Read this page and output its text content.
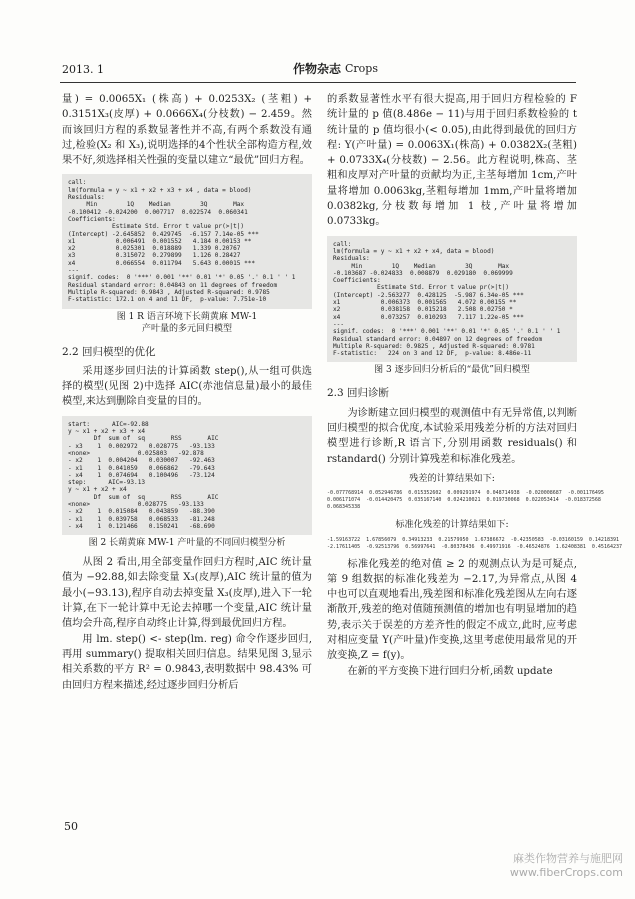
2013. 1	作物杂志 Crops

量) = 0.0065X₁ (株高) + 0.0253X₂ (茎粗) + 0.3151X₃(皮厚) + 0.0666X₄(分枝数) − 2.459。然而该回归方程的系数显著性并不高,有两个系数没有通过,检验(X₂ 和 X₃),说明选择的4个性状全部构造方程,效果不好,须选择相关性强的变量以建立“最优”回归方程。

call:
lm(formula = y ~ x1 + x2 + x3 + x4 , data = blood)
Residuals:
Min        1Q    Median        3Q       Max
-0.100412 -0.024200  0.007717  0.022574  0.060341
Coefficients:
Estimate Std. Error t value pr(>|t|)
(Intercept) -2.645852  0.429745  -6.157 7.14e-05 ***
x1           0.006491  0.001552   4.184 0.00153 **
x2           0.025301  0.018889   1.339 0.20767
x3           0.315072  0.279899   1.126 0.28427
x4           0.066554  0.011794   5.643 0.00015 ***
---
signif. codes:  0 '***' 0.001 '**' 0.01 '*' 0.05 '.' 0.1 ' ' 1
Residual standard error: 0.04843 on 11 degrees of freedom
Multiple R-squared: 0.9843 , Adjusted R-squared: 0.9785
F-statistic: 172.1 on 4 and 11 DF,  p-value: 7.751e-10
图 1 R 语言环境下长蒴黄麻 MW-1
产叶量的多元回归模型
2.2 回归模型的优化

采用逐步回归法的计算函数 step(),从一组可供选择的模型(见图 2)中选择 AIC(赤池信息量)最小的最佳模型,来达到删除自变量的目的。

start:      AIC=-92.88
y ~ x1 + x2 + x3 + x4
Df  sum of  sq       RSS       AIC
- x3    1  0.002972   0.028775   -93.133
<none>             0.025803   -92.878
- x2    1  0.004204   0.030007   -92.463
- x1    1  0.041059   0.066862   -79.643
- x4    1  0.074694   0.100496   -73.124
step:      AIC=-93.13
y ~ x1 + x2 + x4
Df  sum of  sq       RSS       AIC
<none>             0.028775   -93.133
- x2    1  0.015084   0.043859   -88.390
- x1    1  0.039758   0.068533   -81.248
- x4    1  0.121466   0.150241   -68.690
图 2 长蒴黄麻 MW-1 产叶量的不同回归模型分析

从图 2 看出,用全部变量作回归方程时,AIC 统计量值为 −92.88,如去除变量 X₃(皮厚),AIC 统计量的值为最小(−93.13),程序自动去掉变量 X₃(皮厚),进入下一轮计算,在下一轮计算中无论去掉哪一个变量,AIC 统计量值均会升高,程序自动终止计算,得到最优回归方程。

用 lm. step() <- step(lm. reg) 命令作逐步回归,再用 summary() 提取相关回归信息。结果见图 3,显示相关系数的平方 R² = 0.9843,表明数据中 98.43% 可由回归方程来描述,经过逐步回归分析后

的系数显著性水平有很大提高,用于回归方程检验的 F 统计量的 p 值(8.486e − 11)与用于回归系数检验的 t 统计量的 p 值均很小(< 0.05),由此得到最优的回归方程: Y(产叶量) = 0.0063X₁(株高) + 0.0382X₂(茎粗) + 0.0733X₄(分枝数) − 2.56。此方程说明,株高、茎粗和皮厚对产叶量的贡献均为正,主茎每增加 1cm,产叶量将增加 0.0063kg,茎粗每增加 1mm,产叶量将增加 0.0382kg,分枝数每增加 1 枝,产叶量将增加 0.0733kg。

call:
lm(formula = y ~ x1 + x2 + x4, data = blood)
Residuals:
Min        1Q    Median        3Q       Max
-0.103687 -0.024833  0.008879  0.029180  0.069999
Coefficients:
Estimate Std. Error t value pr(>|t|)
(Intercept) -2.563277  0.428125  -5.987 6.34e-05 ***
x1           0.006373  0.001565   4.072 0.00155 **
x2           0.038158  0.015218   2.508 0.02750 *
x4           0.073257  0.010293   7.117 1.22e-05 ***
---
signif. codes:  0 '***' 0.001 '**' 0.01 '*' 0.05 '.' 0.1 ' ' 1
Residual standard error: 0.04897 on 12 degrees of freedom
Multiple R-squared: 0.9825 , Adjusted R-squared: 0.9781
F-statistic:   224 on 3 and 12 DF,  p-value: 8.486e-11
图 3 逐步回归分析后的“最优”回归模型
2.3 回归诊断

为诊断建立回归模型的观测值中有无异常值,以判断回归模型的拟合优度,本试验采用残差分析的方法对回归模型进行诊断,R 语言下,分别用函数 residuals() 和 rstandard() 分别计算残差和标准化残差。

残差的计算结果如下:
-0.077768914  0.052946786  0.015352602  0.009291974  0.048714938  -0.020008687  -0.001176495
0.006171074  -0.014420475  0.035167140  0.024210021  0.019730068  0.022053414  -0.018372568
0.068345338
标准化残差的计算结果如下:
-1.59163722  1.67856079  0.34913233  0.21579950  1.67386672  -0.42350583  -0.03160159  0.14218391
-2.17611405  -0.92513796  0.56997641  -0.80378436  0.49971916  -0.46524876  1.62408381  0.45164237

标准化残差的绝对值 ≥ 2 的观测点认为是可疑点,第 9 组数据的标准化残差为 −2.17,为异常点,从图 4 中也可以直观地看出,残差图和标准化残差图从左向右逐渐散开,残差的绝对值随预测值的增加也有明显增加的趋势,表示关于误差的方差齐性的假定不成立,此时,应考虑对相应变量 Y(产叶量)作变换,这里考虑使用最常见的开放变换,Z = f(y)。

在新的平方变换下进行回归分析,函数 update

50
麻类作物营养与施肥网
www.fiberCrops.com
